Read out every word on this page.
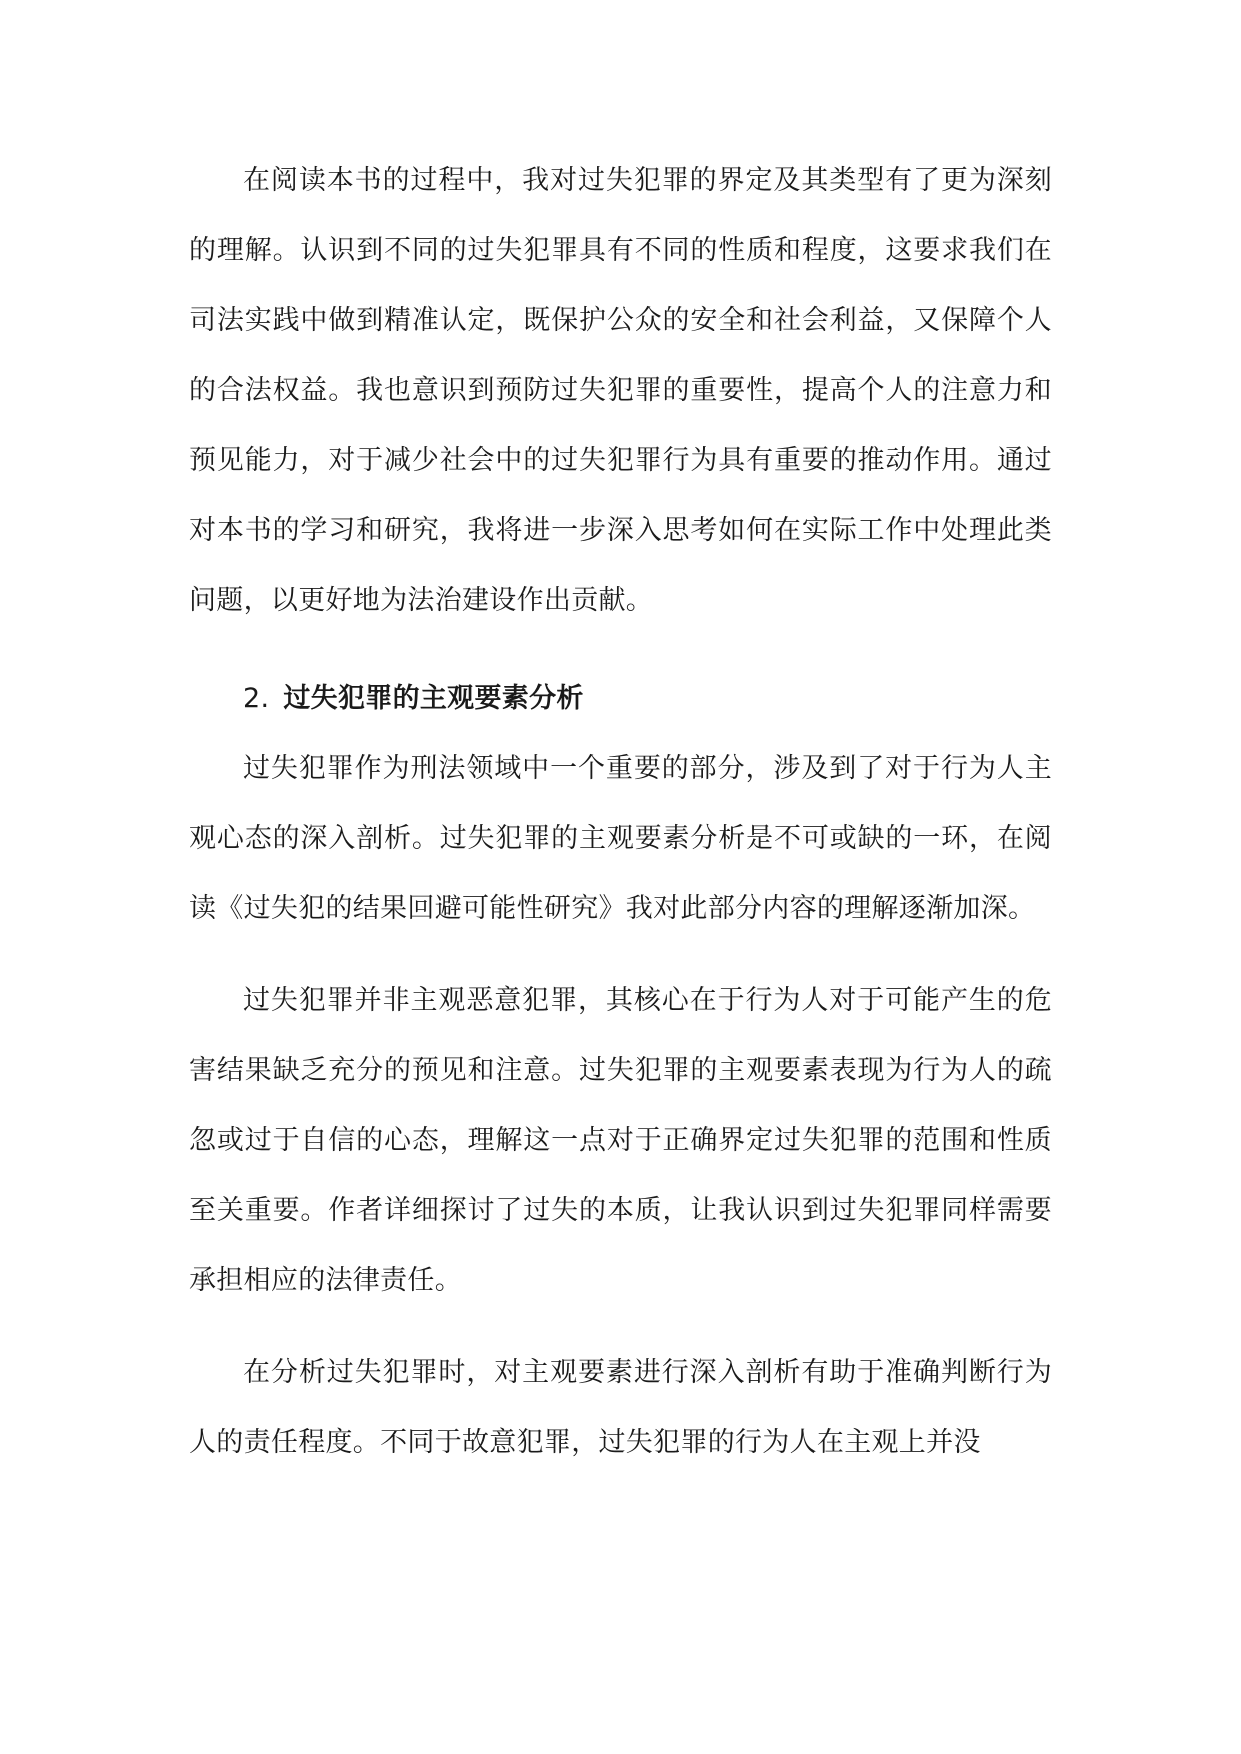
在阅读本书的过程中，我对过失犯罪的界定及其类型有了更为深刻的理解。认识到不同的过失犯罪具有不同的性质和程度，这要求我们在司法实践中做到精准认定，既保护公众的安全和社会利益，又保障个人的合法权益。我也意识到预防过失犯罪的重要性，提高个人的注意力和预见能力，对于减少社会中的过失犯罪行为具有重要的推动作用。通过对本书的学习和研究，我将进一步深入思考如何在实际工作中处理此类问题，以更好地为法治建设作出贡献。

2. 过失犯罪的主观要素分析

过失犯罪作为刑法领域中一个重要的部分，涉及到了对于行为人主观心态的深入剖析。过失犯罪的主观要素分析是不可或缺的一环，在阅读《过失犯的结果回避可能性研究》我对此部分内容的理解逐渐加深。

过失犯罪并非主观恶意犯罪，其核心在于行为人对于可能产生的危害结果缺乏充分的预见和注意。过失犯罪的主观要素表现为行为人的疏忽或过于自信的心态，理解这一点对于正确界定过失犯罪的范围和性质至关重要。作者详细探讨了过失的本质，让我认识到过失犯罪同样需要承担相应的法律责任。

在分析过失犯罪时，对主观要素进行深入剖析有助于准确判断行为人的责任程度。不同于故意犯罪，过失犯罪的行为人在主观上并没
